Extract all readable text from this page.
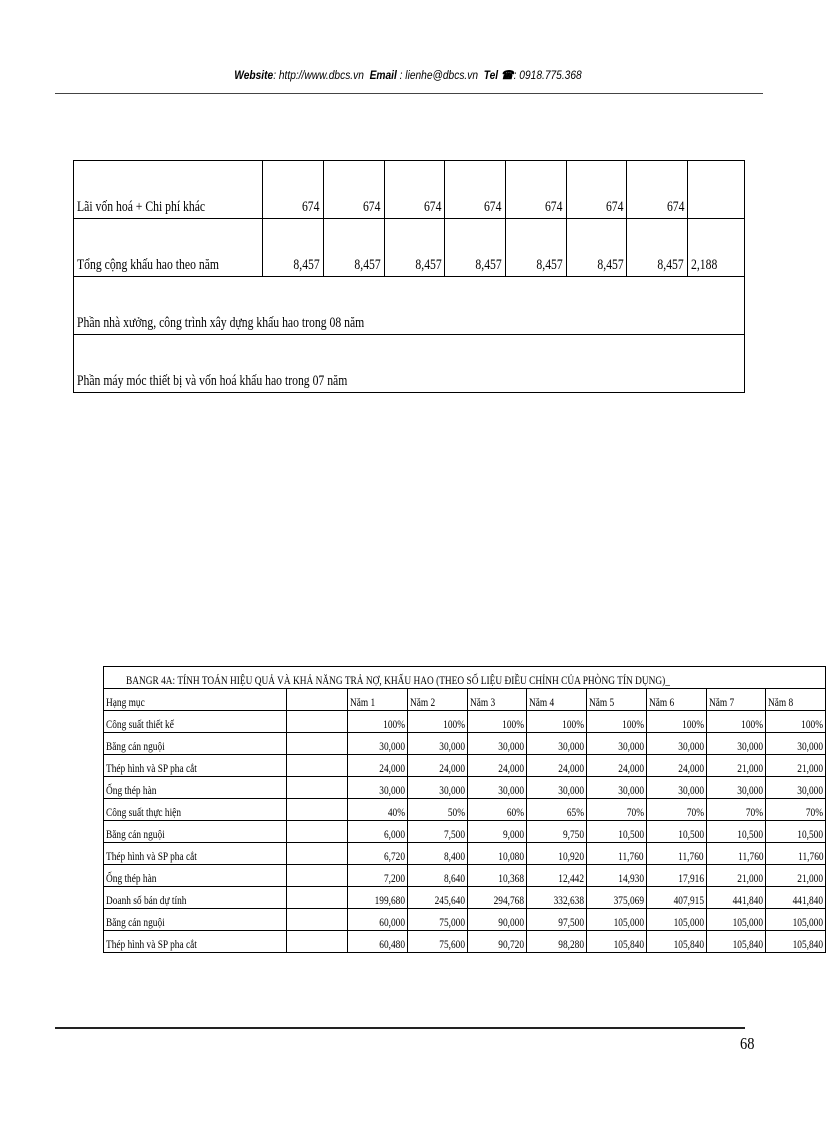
Website: http://www.dbcs.vn Email : lienhe@dbcs.vn Tel ☎: 0918.775.368
Lãi vốn hoá + Chi phí khác	674	674	674	674	674	674	674	
Tổng cộng khấu hao theo năm	8,457	8,457	8,457	8,457	8,457	8,457	8,457	2,188
Phần nhà xưởng, công trình xây dựng khấu hao trong 08 năm								
Phần máy móc thiết bị và vốn hoá khấu hao trong 07 năm								
BANGR 4A: TÍNH TOÁN HIỆU QUẢ VÀ KHẢ NĂNG TRẢ NỢ, KHẤU HAO (THEO SỐ LIỆU ĐIỀU CHỈNH CỦA PHÒNG TÍN DỤNG)_									
Hạng mục		Năm 1	Năm 2	Năm 3	Năm 4	Năm 5	Năm 6	Năm 7	Năm 8
Công suất thiết kế		100%	100%	100%	100%	100%	100%	100%	100%
Băng cán nguội		30,000	30,000	30,000	30,000	30,000	30,000	30,000	30,000
Thép hình và SP pha cắt		24,000	24,000	24,000	24,000	24,000	24,000	21,000	21,000
Ống thép hàn		30,000	30,000	30,000	30,000	30,000	30,000	30,000	30,000
Công suất thực hiện		40%	50%	60%	65%	70%	70%	70%	70%
Băng cán nguội		6,000	7,500	9,000	9,750	10,500	10,500	10,500	10,500
Thép hình và SP pha cắt		6,720	8,400	10,080	10,920	11,760	11,760	11,760	11,760
Ống thép hàn		7,200	8,640	10,368	12,442	14,930	17,916	21,000	21,000
Doanh số bán dự tính		199,680	245,640	294,768	332,638	375,069	407,915	441,840	441,840
Băng cán nguội		60,000	75,000	90,000	97,500	105,000	105,000	105,000	105,000
Thép hình và SP pha cắt		60,480	75,600	90,720	98,280	105,840	105,840	105,840	105,840
68
